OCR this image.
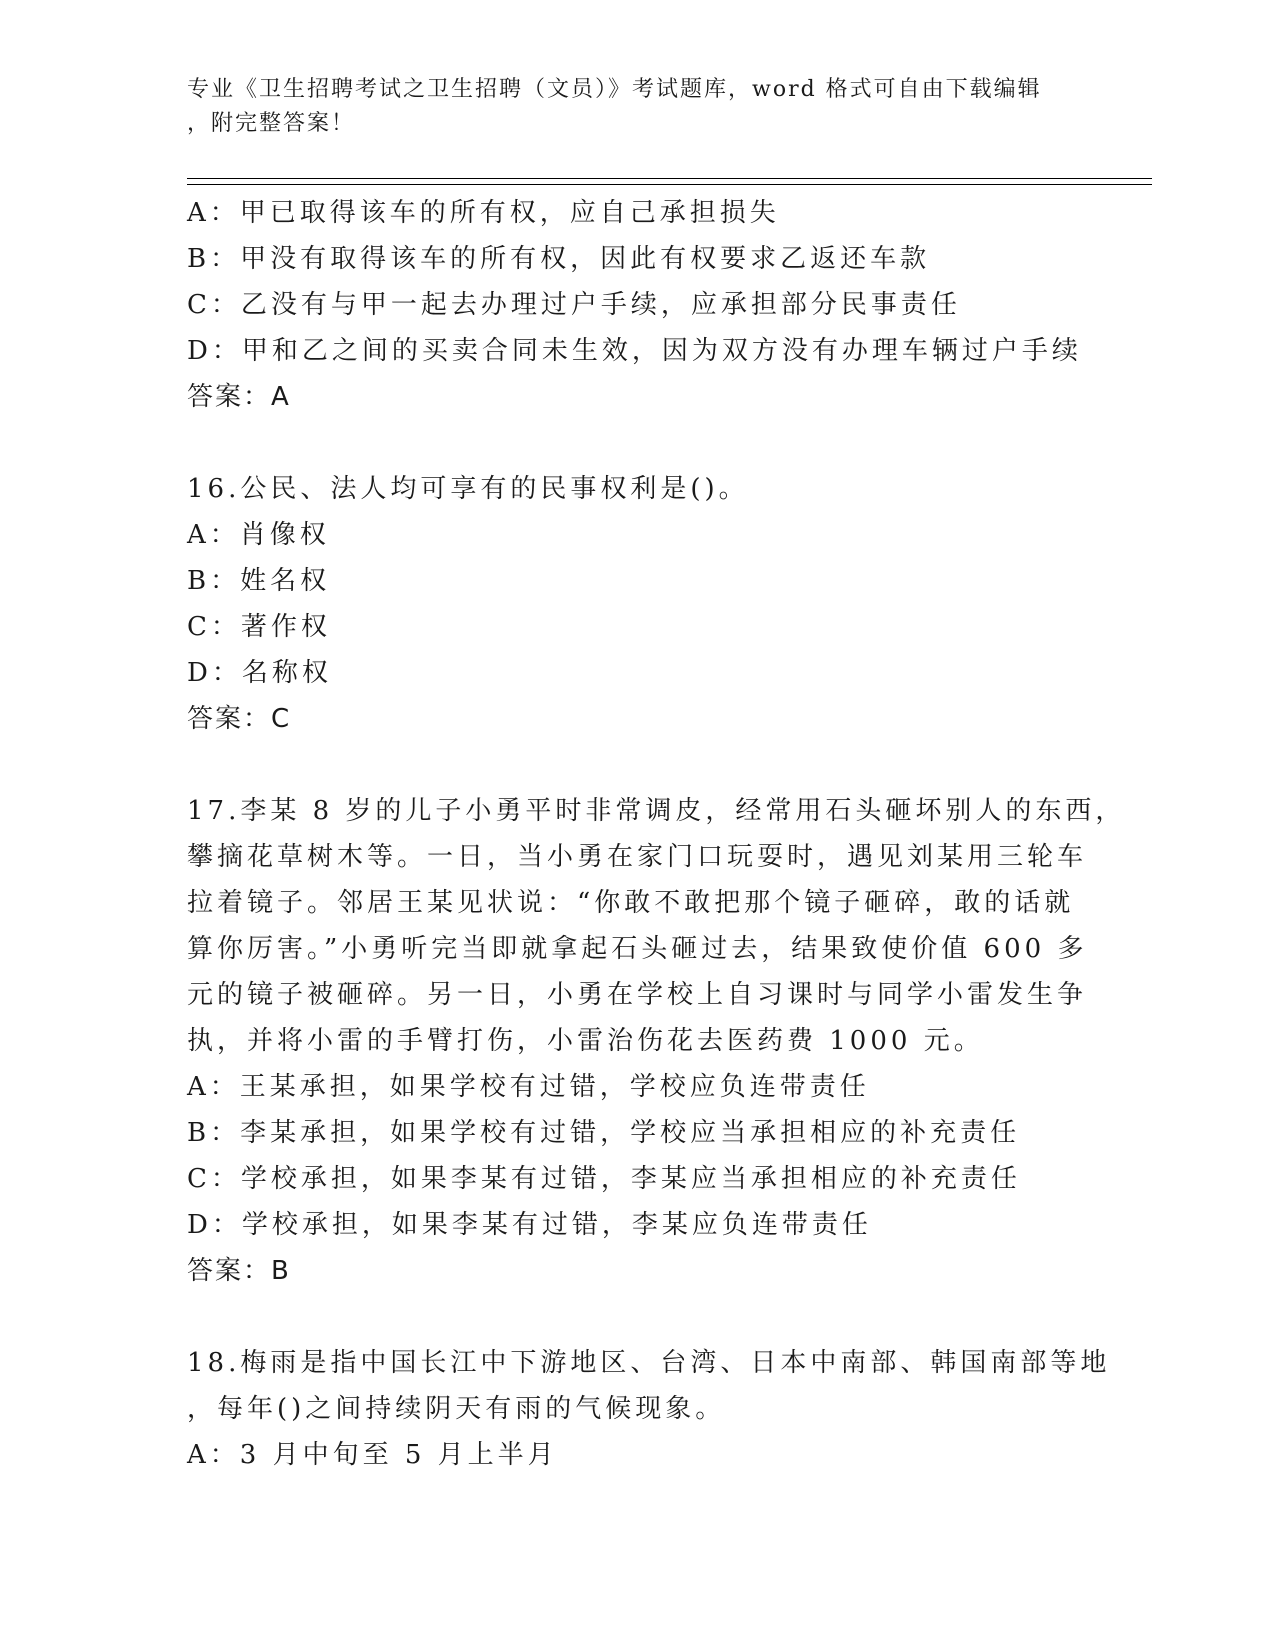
专业《卫生招聘考试之卫生招聘（文员）》考试题库，word 格式可自由下载编辑
，附完整答案！
A：甲已取得该车的所有权，应自己承担损失
B：甲没有取得该车的所有权，因此有权要求乙返还车款
C：乙没有与甲一起去办理过户手续，应承担部分民事责任
D：甲和乙之间的买卖合同未生效，因为双方没有办理车辆过户手续
答案：A
16.公民、法人均可享有的民事权利是()。
A：肖像权
B：姓名权
C：著作权
D：名称权
答案：C
17.李某 8 岁的儿子小勇平时非常调皮，经常用石头砸坏别人的东西，
攀摘花草树木等。一日，当小勇在家门口玩耍时，遇见刘某用三轮车
拉着镜子。邻居王某见状说：“你敢不敢把那个镜子砸碎，敢的话就
算你厉害。”小勇听完当即就拿起石头砸过去，结果致使价值 600 多
元的镜子被砸碎。另一日，小勇在学校上自习课时与同学小雷发生争
执，并将小雷的手臂打伤，小雷治伤花去医药费 1000 元。
A：王某承担，如果学校有过错，学校应负连带责任
B：李某承担，如果学校有过错，学校应当承担相应的补充责任
C：学校承担，如果李某有过错，李某应当承担相应的补充责任
D：学校承担，如果李某有过错，李某应负连带责任
答案：B
18.梅雨是指中国长江中下游地区、台湾、日本中南部、韩国南部等地
，每年()之间持续阴天有雨的气候现象。
A：3 月中旬至 5 月上半月
